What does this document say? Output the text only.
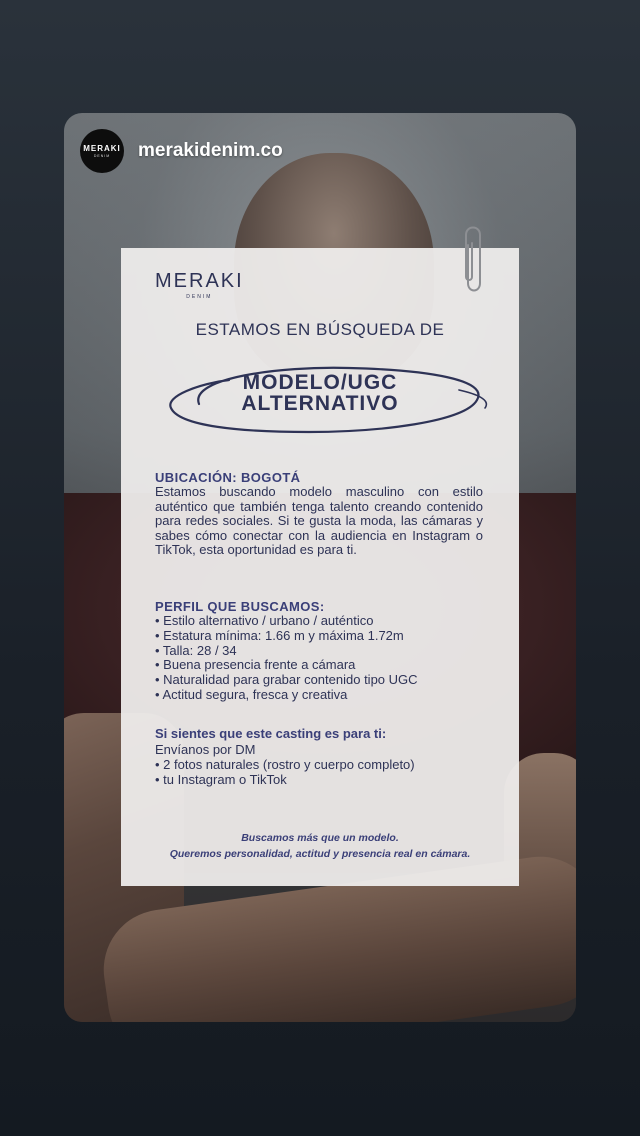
MERAKI
DENIM merakidenim.co
MERAKI
DENIM
ESTAMOS EN BÚSQUEDA DE
MODELO/UGC
ALTERNATIVO
UBICACIÓN: BOGOTÁ
Estamos buscando modelo masculino con estilo auténtico que también tenga talento creando contenido para redes sociales. Si te gusta la moda, las cámaras y sabes cómo conectar con la audiencia en Instagram o TikTok, esta oportunidad es para ti.
PERFIL QUE BUSCAMOS:
• Estilo alternativo / urbano / auténtico
• Estatura mínima: 1.66 m y máxima 1.72m
• Talla: 28 / 34
• Buena presencia frente a cámara
• Naturalidad para grabar contenido tipo UGC
• Actitud segura, fresca y creativa
Si sientes que este casting es para ti:
Envíanos por DM
• 2 fotos naturales (rostro y cuerpo completo)
• tu Instagram o TikTok
Buscamos más que un modelo.
Queremos personalidad, actitud y presencia real en cámara.
